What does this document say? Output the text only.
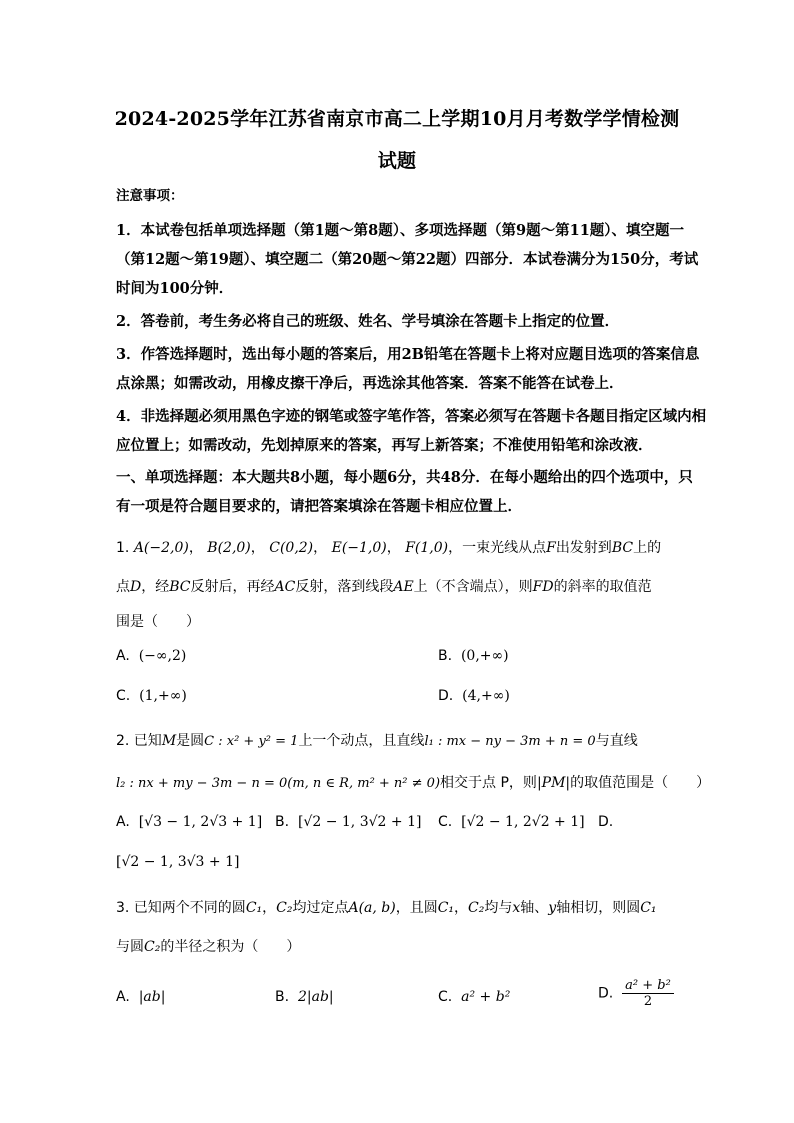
2024-2025学年江苏省南京市高二上学期10月月考数学学情检测
试题
注意事项：
1．本试卷包括单项选择题（第1题～第8题）、多项选择题（第9题～第11题）、填空题一
（第12题～第19题）、填空题二（第20题～第22题）四部分．本试卷满分为150分，考试
时间为100分钟．
2．答卷前，考生务必将自己的班级、姓名、学号填涂在答题卡上指定的位置．
3．作答选择题时，选出每小题的答案后，用2B铅笔在答题卡上将对应题目选项的答案信息
点涂黑；如需改动，用橡皮擦干净后，再选涂其他答案．答案不能答在试卷上．
4．非选择题必须用黑色字迹的钢笔或签字笔作答，答案必须写在答题卡各题目指定区域内相
应位置上；如需改动，先划掉原来的答案，再写上新答案；不准使用铅笔和涂改液．
一、单项选择题：本大题共8小题，每小题6分，共48分．在每小题给出的四个选项中，只
有一项是符合题目要求的，请把答案填涂在答题卡相应位置上．
1. A(−2,0)， B(2,0)， C(0,2)， E(−1,0)， F(1,0)，一束光线从点F出发射到BC上的
点D，经BC反射后，再经AC反射，落到线段AE上（不含端点），则FD的斜率的取值范
围是（　　）
A. (−∞,2)	B. (0,+∞)
C. (1,+∞)	D. (4,+∞)
2. 已知M是圆C : x² + y² = 1上一个动点，且直线l₁ : mx − ny − 3m + n = 0与直线
l₂ : nx + my − 3m − n = 0(m, n ∈ R, m² + n² ≠ 0)相交于点 P，则|PM|的取值范围是（　　）
A. [√3 − 1, 2√3 + 1] B. [√2 − 1, 3√2 + 1] C. [√2 − 1, 2√2 + 1] D.
[√2 − 1, 3√3 + 1]
3. 已知两个不同的圆C₁，C₂均过定点A(a, b)，且圆C₁，C₂均与x轴、y轴相切，则圆C₁
与圆C₂的半径之积为（　　）
A. |ab|	B. 2|ab|	C. a² + b²	D. $\frac{\text{a² + b²}}{2}$
